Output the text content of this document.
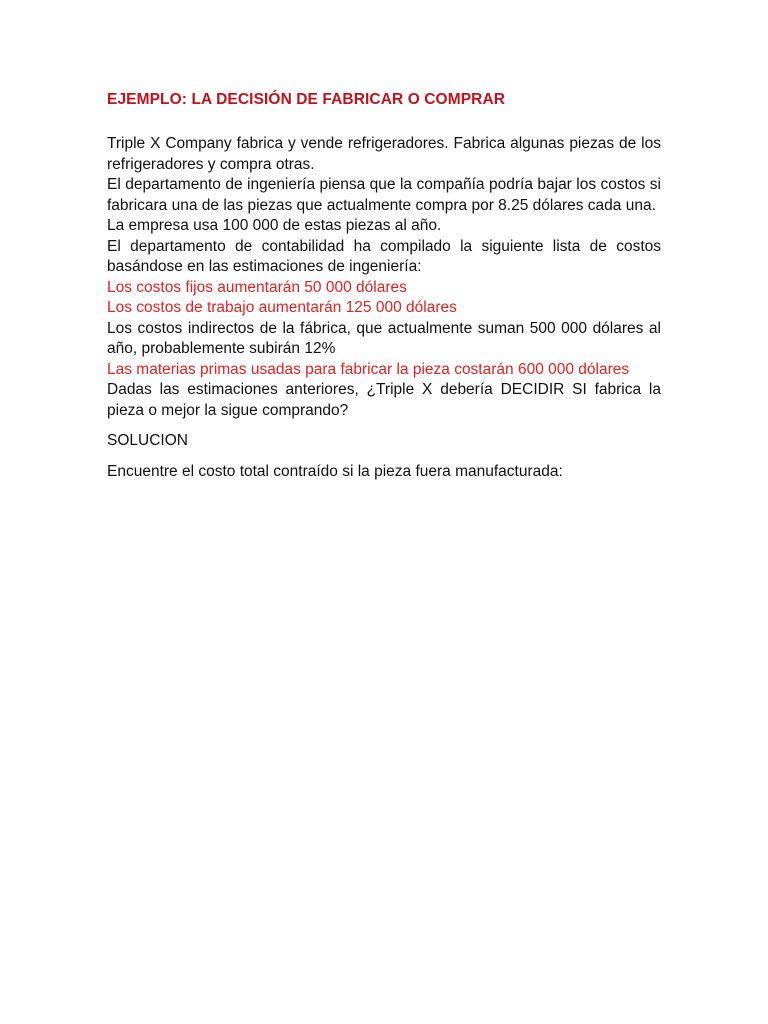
EJEMPLO: LA DECISIÓN DE FABRICAR O COMPRAR

Triple X Company fabrica y vende refrigeradores. Fabrica algunas piezas de los refrigeradores y compra otras.

El departamento de ingeniería piensa que la compañía podría bajar los costos si fabricara una de las piezas que actualmente compra por 8.25 dólares cada una.

La empresa usa 100 000 de estas piezas al año.

El departamento de contabilidad ha compilado la siguiente lista de costos basándose en las estimaciones de ingeniería:

Los costos fijos aumentarán 50 000 dólares

Los costos de trabajo aumentarán 125 000 dólares

Los costos indirectos de la fábrica, que actualmente suman 500 000 dólares al año, probablemente subirán 12%

Las materias primas usadas para fabricar la pieza costarán 600 000 dólares

Dadas las estimaciones anteriores, ¿Triple X debería DECIDIR SI fabrica la pieza o mejor la sigue comprando?

SOLUCION

Encuentre el costo total contraído si la pieza fuera manufacturada:
